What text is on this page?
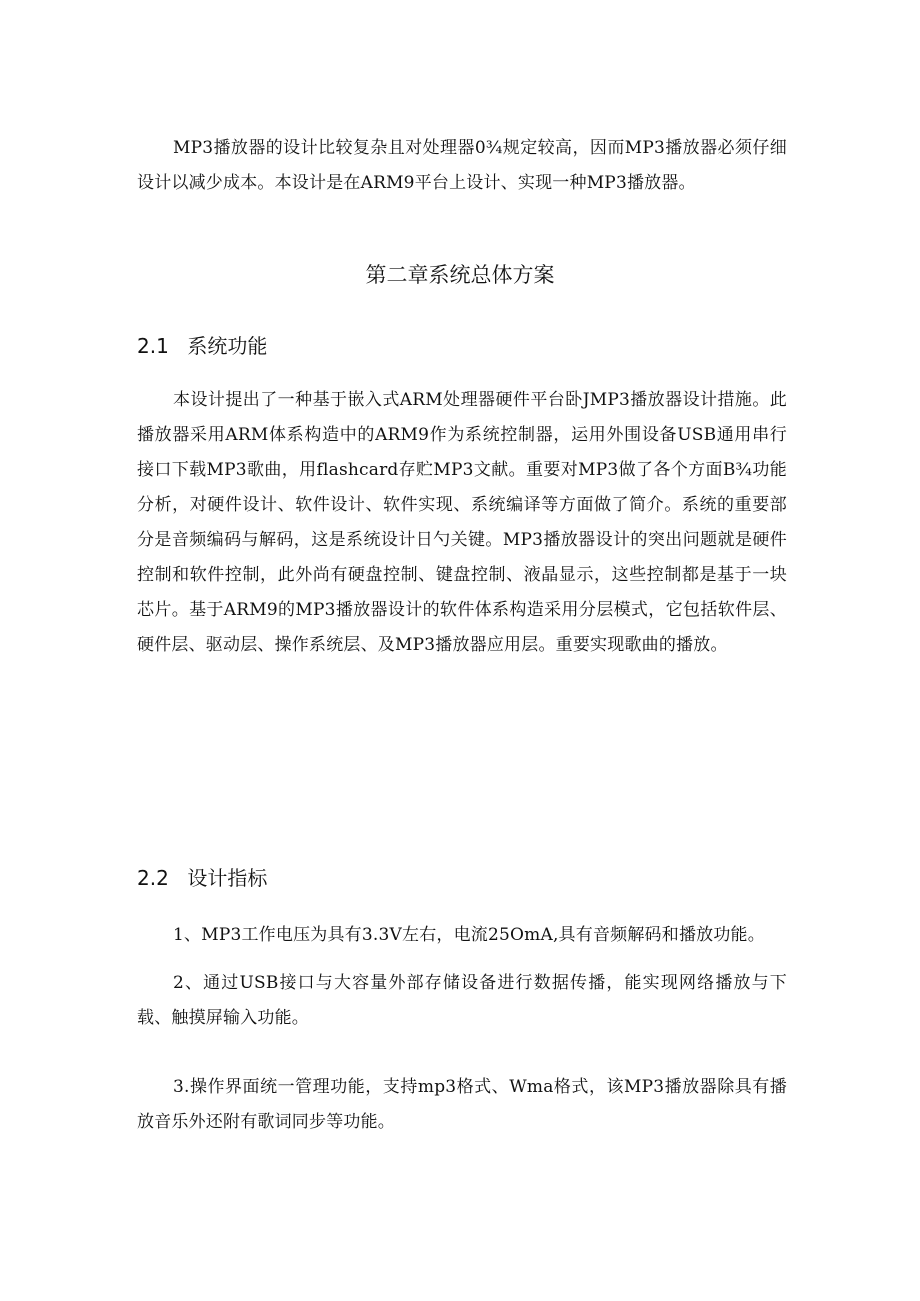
MP3播放器的设计比较复杂且对处理器0¾规定较高，因而MP3播放器必须仔细设计以减少成本。本设计是在ARM9平台上设计、实现一种MP3播放器。

第二章系统总体方案
2.1 系统功能

本设计提出了一种基于嵌入式ARM处理器硬件平台卧JMP3播放器设计措施。此播放器采用ARM体系构造中的ARM9作为系统控制器，运用外围设备USB通用串行接口下载MP3歌曲，用flashcard存贮MP3文献。重要对MP3做了各个方面B¾功能分析，对硬件设计、软件设计、软件实现、系统编译等方面做了简介。系统的重要部分是音频编码与解码，这是系统设计日勺关键。MP3播放器设计的突出问题就是硬件控制和软件控制，此外尚有硬盘控制、键盘控制、液晶显示，这些控制都是基于一块芯片。基于ARM9的MP3播放器设计的软件体系构造采用分层模式，它包括软件层、硬件层、驱动层、操作系统层、及MP3播放器应用层。重要实现歌曲的播放。

2.2 设计指标

1、MP3工作电压为具有3.3V左右，电流25OmA,具有音频解码和播放功能。

2、通过USB接口与大容量外部存储设备进行数据传播，能实现网络播放与下载、触摸屏输入功能。

3.操作界面统一管理功能，支持mp3格式、Wma格式，该MP3播放器除具有播放音乐外还附有歌词同步等功能。
